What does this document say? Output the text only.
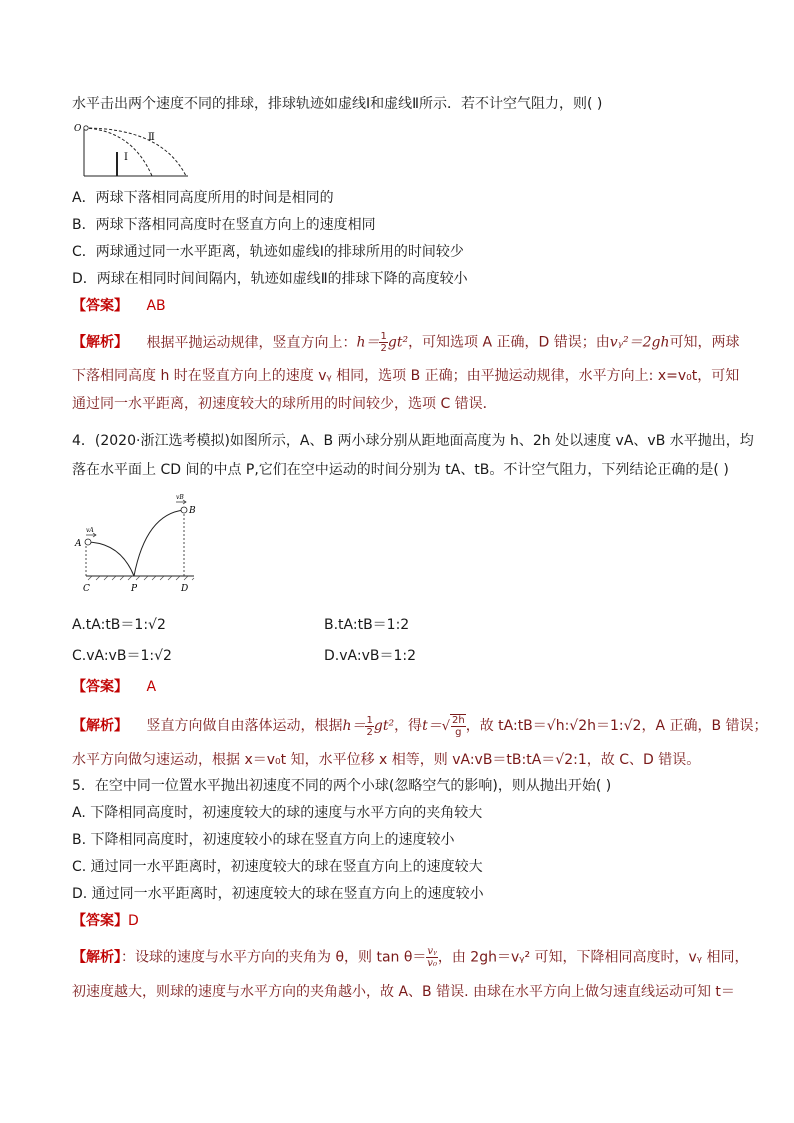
水平击出两个速度不同的排球，排球轨迹如虚线Ⅰ和虚线Ⅱ所示．若不计空气阻力，则( )
O
Ⅰ
Ⅱ
A．两球下落相同高度所用的时间是相同的
B．两球下落相同高度时在竖直方向上的速度相同
C．两球通过同一水平距离，轨迹如虚线Ⅰ的排球所用的时间较少
D．两球在相同时间间隔内，轨迹如虚线Ⅱ的排球下降的高度较小
【答案】 AB
【解析】 根据平抛运动规律，竖直方向上：$h= \frac{1}{2} gt^2$，可知选项 A 正确，D 错误；由vᵧ²＝2gh可知，两球
下落相同高度 h 时在竖直方向上的速度 vᵧ 相同，选项 B 正确；由平抛运动规律，水平方向上: x=v₀t，可知
通过同一水平距离，初速度较大的球所用的时间较少，选项 C 错误．
4．(2020·浙江选考模拟)如图所示，A、B 两小球分别从距地面高度为 h、2h 处以速度 vA、vB 水平抛出，均
落在水平面上 CD 间的中点 P,它们在空中运动的时间分别为 tA、tB。不计空气阻力，下列结论正确的是( )
A
B
C	P	D
vA
vB
A.tA:tB＝1:√2	B.tA:tB＝1:2
C.vA:vB＝1:√2	D.vA:vB＝1:2
【答案】 A
【解析】 竖直方向做自由落体运动，根据$h= \frac{1}{2} gt^2$，得$t=√ \frac{2h}{g}$ ，故 tA:tB＝√h:√2h＝1:√2，A 正确，B 错误；
水平方向做匀速运动，根据 x＝v₀t 知，水平位移 x 相等，则 vA:vB＝tB:tA＝√2:1，故 C、D 错误。
5．在空中同一位置水平抛出初速度不同的两个小球(忽略空气的影响)，则从抛出开始( )
A. 下降相同高度时，初速度较大的球的速度与水平方向的夹角较大
B. 下降相同高度时，初速度较小的球在竖直方向上的速度较小
C. 通过同一水平距离时，初速度较大的球在竖直方向上的速度较大
D. 通过同一水平距离时，初速度较大的球在竖直方向上的速度较小
【答案】D
【解析】：设球的速度与水平方向的夹角为 θ，则 $\tan \theta= \frac{\text{vᵧ}}{\text{v₀}}$ ，由 2gh＝vᵧ² 可知，下降相同高度时，vᵧ 相同，
初速度越大，则球的速度与水平方向的夹角越小，故 A、B 错误. 由球在水平方向上做匀速直线运动可知 t＝
